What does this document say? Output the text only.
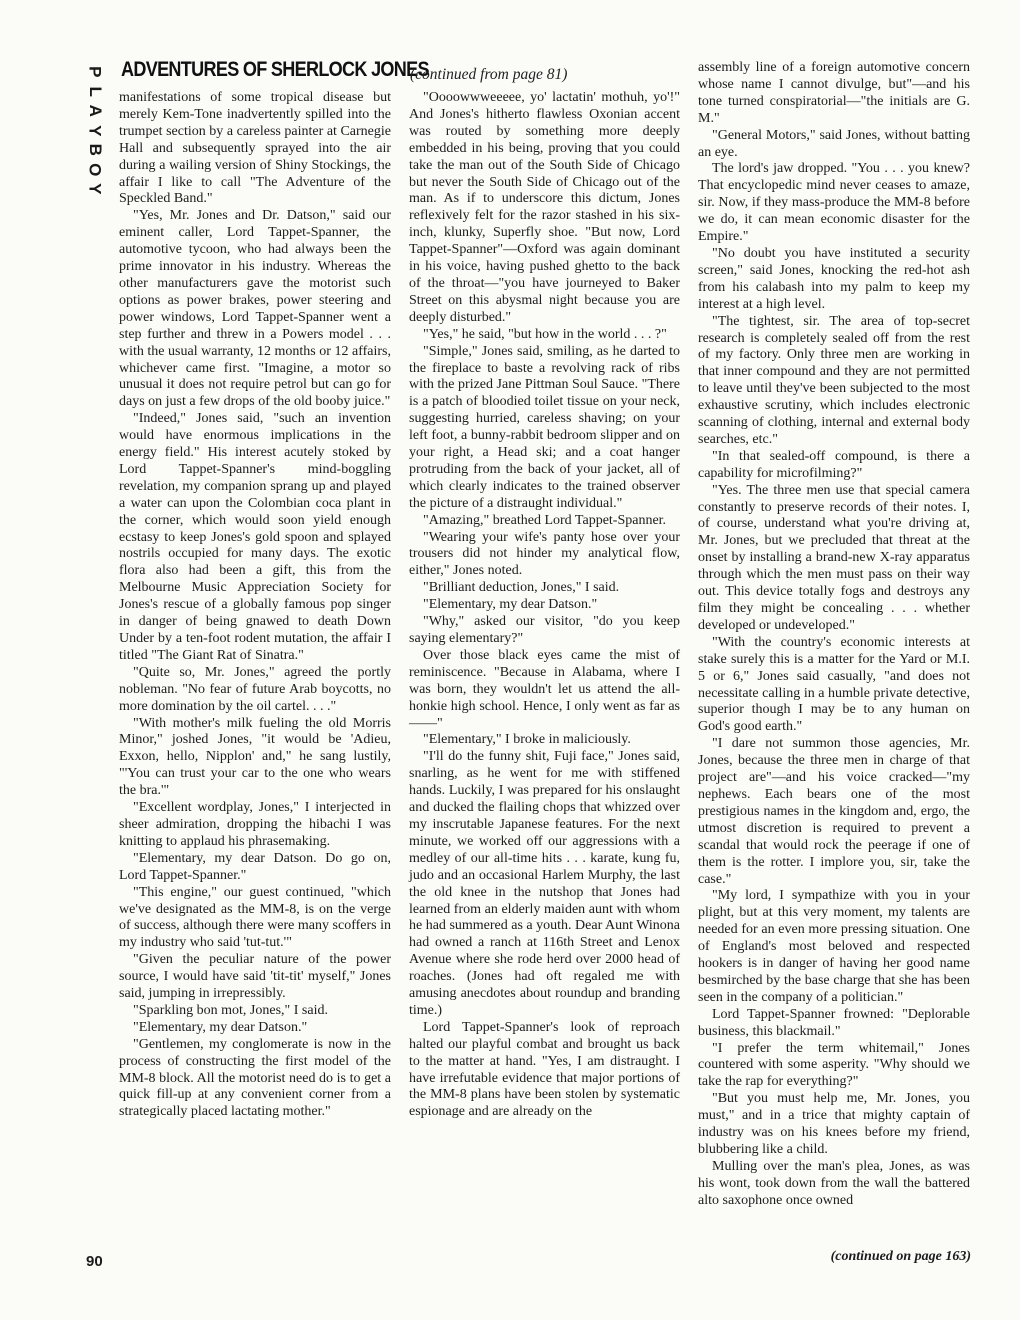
P
L
A
Y
B
O
Y
ADVENTURES OF SHERLOCK JONES
(continued from page 81)

manifestations of some tropical disease but merely Kem-Tone inadvertently spilled into the trumpet section by a careless painter at Carnegie Hall and subsequently sprayed into the air during a wailing version of Shiny Stockings, the affair I like to call "The Adventure of the Speckled Band."

"Yes, Mr. Jones and Dr. Datson," said our eminent caller, Lord Tappet-Spanner, the automotive tycoon, who had always been the prime innovator in his industry. Whereas the other manufacturers gave the motorist such options as power brakes, power steering and power windows, Lord Tappet-Spanner went a step further and threw in a Powers model . . . with the usual warranty, 12 months or 12 affairs, whichever came first. "Imagine, a motor so unusual it does not require petrol but can go for days on just a few drops of the old booby juice."

"Indeed," Jones said, "such an invention would have enormous implications in the energy field." His interest acutely stoked by Lord Tappet-Spanner's mind-boggling revelation, my companion sprang up and played a water can upon the Colombian coca plant in the corner, which would soon yield enough ecstasy to keep Jones's gold spoon and splayed nostrils occupied for many days. The exotic flora also had been a gift, this from the Melbourne Music Appreciation Society for Jones's rescue of a globally famous pop singer in danger of being gnawed to death Down Under by a ten-foot rodent mutation, the affair I titled "The Giant Rat of Sinatra."

"Quite so, Mr. Jones," agreed the portly nobleman. "No fear of future Arab boycotts, no more domination by the oil cartel. . . ."

"With mother's milk fueling the old Morris Minor," joshed Jones, "it would be 'Adieu, Exxon, hello, Nipplon' and," he sang lustily, "'You can trust your car to the one who wears the bra.'"

"Excellent wordplay, Jones," I interjected in sheer admiration, dropping the hibachi I was knitting to applaud his phrasemaking.

"Elementary, my dear Datson. Do go on, Lord Tappet-Spanner."

"This engine," our guest continued, "which we've designated as the MM-8, is on the verge of success, although there were many scoffers in my industry who said 'tut-tut.'"

"Given the peculiar nature of the power source, I would have said 'tit-tit' myself," Jones said, jumping in irrepressibly.

"Sparkling bon mot, Jones," I said.

"Elementary, my dear Datson."

"Gentlemen, my conglomerate is now in the process of constructing the first model of the MM-8 block. All the motorist need do is to get a quick fill-up at any convenient corner from a strategically placed lactating mother."

"Oooowwweeeee, yo' lactatin' mothuh, yo'!" And Jones's hitherto flawless Oxonian accent was routed by something more deeply embedded in his being, proving that you could take the man out of the South Side of Chicago but never the South Side of Chicago out of the man. As if to underscore this dictum, Jones reflexively felt for the razor stashed in his six-inch, klunky, Superfly shoe. "But now, Lord Tappet-Spanner"—Oxford was again dominant in his voice, having pushed ghetto to the back of the throat—"you have journeyed to Baker Street on this abysmal night because you are deeply disturbed."

"Yes," he said, "but how in the world . . . ?"

"Simple," Jones said, smiling, as he darted to the fireplace to baste a revolving rack of ribs with the prized Jane Pittman Soul Sauce. "There is a patch of bloodied toilet tissue on your neck, suggesting hurried, careless shaving; on your left foot, a bunny-rabbit bedroom slipper and on your right, a Head ski; and a coat hanger protruding from the back of your jacket, all of which clearly indicates to the trained observer the picture of a distraught individual."

"Amazing," breathed Lord Tappet-Spanner.

"Wearing your wife's panty hose over your trousers did not hinder my analytical flow, either," Jones noted.

"Brilliant deduction, Jones," I said.

"Elementary, my dear Datson."

"Why," asked our visitor, "do you keep saying elementary?"

Over those black eyes came the mist of reminiscence. "Because in Alabama, where I was born, they wouldn't let us attend the all-honkie high school. Hence, I only went as far as——"

"Elementary," I broke in maliciously.

"I'll do the funny shit, Fuji face," Jones said, snarling, as he went for me with stiffened hands. Luckily, I was prepared for his onslaught and ducked the flailing chops that whizzed over my inscrutable Japanese features. For the next minute, we worked off our aggressions with a medley of our all-time hits . . . karate, kung fu, judo and an occasional Harlem Murphy, the last the old knee in the nutshop that Jones had learned from an elderly maiden aunt with whom he had summered as a youth. Dear Aunt Winona had owned a ranch at 116th Street and Lenox Avenue where she rode herd over 2000 head of roaches. (Jones had oft regaled me with amusing anecdotes about roundup and branding time.)

Lord Tappet-Spanner's look of reproach halted our playful combat and brought us back to the matter at hand. "Yes, I am distraught. I have irrefutable evidence that major portions of the MM-8 plans have been stolen by systematic espionage and are already on the

assembly line of a foreign automotive concern whose name I cannot divulge, but"—and his tone turned conspiratorial—"the initials are G. M."

"General Motors," said Jones, without batting an eye.

The lord's jaw dropped. "You . . . you knew? That encyclopedic mind never ceases to amaze, sir. Now, if they mass-produce the MM-8 before we do, it can mean economic disaster for the Empire."

"No doubt you have instituted a security screen," said Jones, knocking the red-hot ash from his calabash into my palm to keep my interest at a high level.

"The tightest, sir. The area of top-secret research is completely sealed off from the rest of my factory. Only three men are working in that inner compound and they are not permitted to leave until they've been subjected to the most exhaustive scrutiny, which includes electronic scanning of clothing, internal and external body searches, etc."

"In that sealed-off compound, is there a capability for microfilming?"

"Yes. The three men use that special camera constantly to preserve records of their notes. I, of course, understand what you're driving at, Mr. Jones, but we precluded that threat at the onset by installing a brand-new X-ray apparatus through which the men must pass on their way out. This device totally fogs and destroys any film they might be concealing . . . whether developed or undeveloped."

"With the country's economic interests at stake surely this is a matter for the Yard or M.I. 5 or 6," Jones said casually, "and does not necessitate calling in a humble private detective, superior though I may be to any human on God's good earth."

"I dare not summon those agencies, Mr. Jones, because the three men in charge of that project are"—and his voice cracked—"my nephews. Each bears one of the most prestigious names in the kingdom and, ergo, the utmost discretion is required to prevent a scandal that would rock the peerage if one of them is the rotter. I implore you, sir, take the case."

"My lord, I sympathize with you in your plight, but at this very moment, my talents are needed for an even more pressing situation. One of England's most beloved and respected hookers is in danger of having her good name besmirched by the base charge that she has been seen in the company of a politician."

Lord Tappet-Spanner frowned: "Deplorable business, this blackmail."

"I prefer the term whitemail," Jones countered with some asperity. "Why should we take the rap for everything?"

"But you must help me, Mr. Jones, you must," and in a trice that mighty captain of industry was on his knees before my friend, blubbering like a child.

Mulling over the man's plea, Jones, as was his wont, took down from the wall the battered alto saxophone once owned

(continued on page 163)
90
